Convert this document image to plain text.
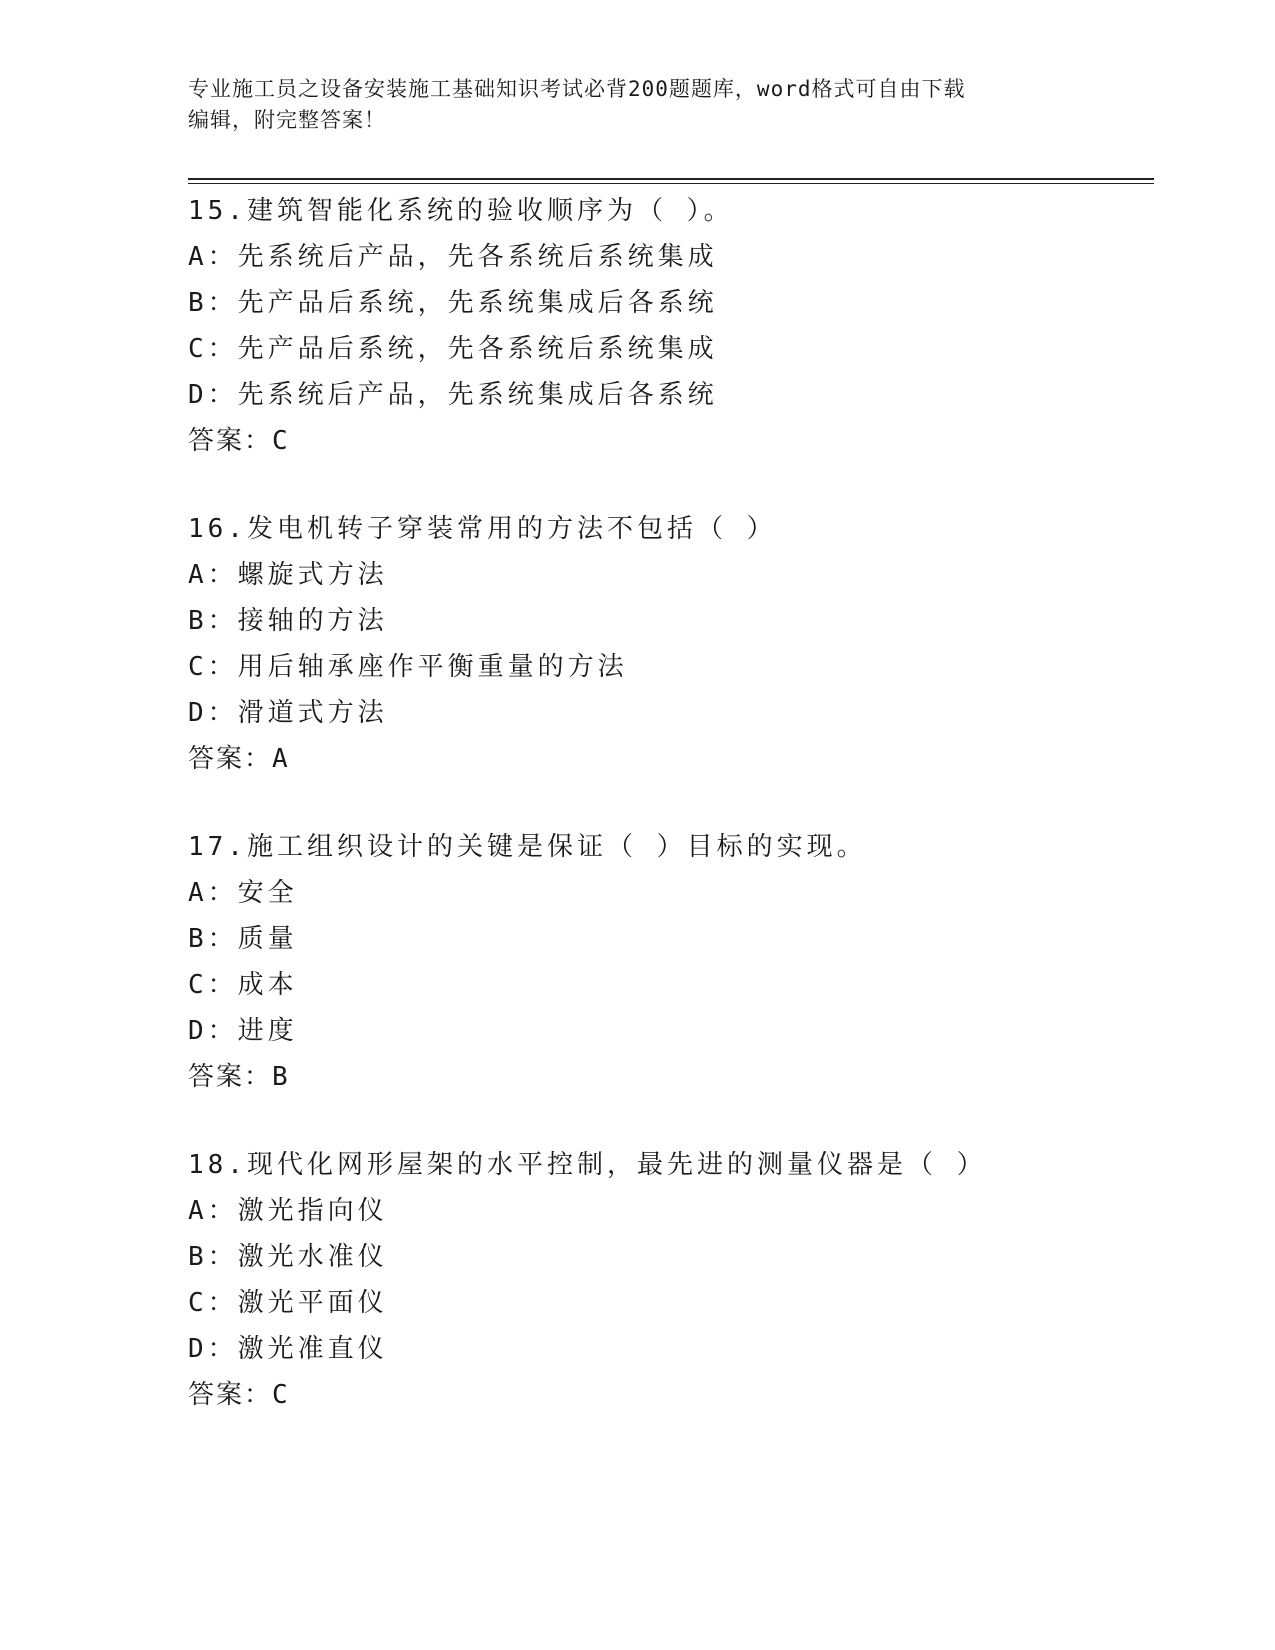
专业施工员之设备安装施工基础知识考试必背200题题库，word格式可自由下载
编辑，附完整答案！
15.建筑智能化系统的验收顺序为（ ）。
A：先系统后产品，先各系统后系统集成
B：先产品后系统，先系统集成后各系统
C：先产品后系统，先各系统后系统集成
D：先系统后产品，先系统集成后各系统
答案：C
16.发电机转子穿装常用的方法不包括（ ）
A：螺旋式方法
B：接轴的方法
C：用后轴承座作平衡重量的方法
D：滑道式方法
答案：A
17.施工组织设计的关键是保证（ ）目标的实现。
A：安全
B：质量
C：成本
D：进度
答案：B
18.现代化网形屋架的水平控制，最先进的测量仪器是（ ）
A：激光指向仪
B：激光水准仪
C：激光平面仪
D：激光准直仪
答案：C
